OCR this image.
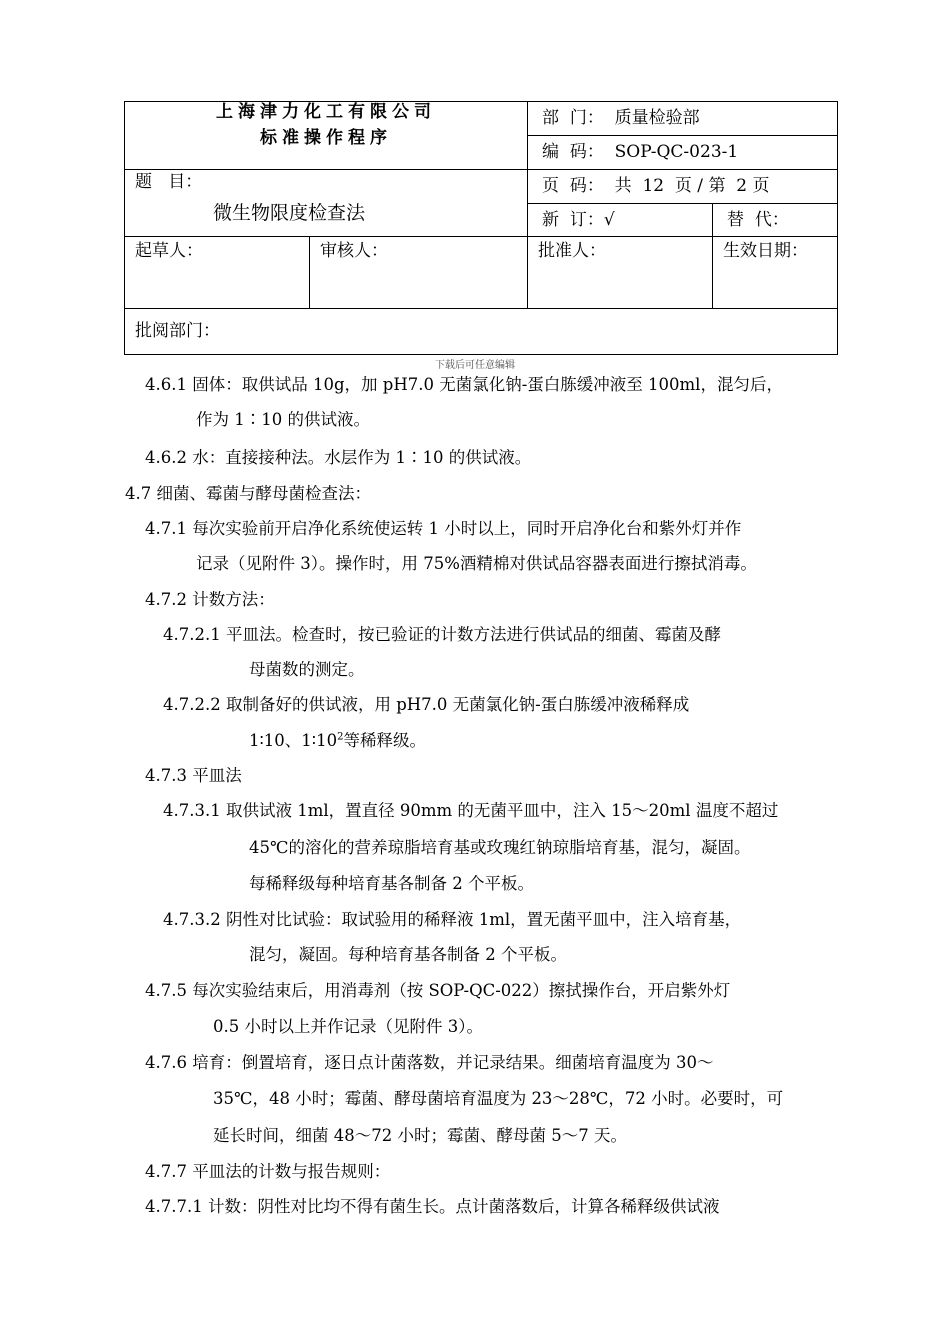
上海津力化工有限公司
标准操作程序		部  门： 质量检验部	
		编  码： SOP-QC-023-1	

题   目：
微生物限度检查法		页  码： 共  12  页 / 第  2 页	
		新  订：√	替  代：
起草人：	审核人：	批准人：	生效日期：
批阅部门：			
下载后可任意编辑
4.6.1 固体：取供试品 10g，加 pH7.0 无菌氯化钠-蛋白胨缓冲液至 100ml，混匀后，
作为 1∶10 的供试液。
4.6.2 水：直接接种法。水层作为 1∶10 的供试液。
4.7 细菌、霉菌与酵母菌检查法：
4.7.1 每次实验前开启净化系统使运转 1 小时以上，同时开启净化台和紫外灯并作
记录（见附件 3）。操作时，用 75%酒精棉对供试品容器表面进行擦拭消毒。
4.7.2 计数方法：
4.7.2.1 平皿法。检查时，按已验证的计数方法进行供试品的细菌、霉菌及酵
母菌数的测定。
4.7.2.2 取制备好的供试液，用 pH7.0 无菌氯化钠-蛋白胨缓冲液稀释成
1∶10、$1∶10^2$等稀释级。
4.7.3 平皿法
4.7.3.1 取供试液 1ml，置直径 90mm 的无菌平皿中，注入 15～20ml 温度不超过
45℃的溶化的营养琼脂培育基或玫瑰红钠琼脂培育基，混匀，凝固。
每稀释级每种培育基各制备 2 个平板。
4.7.3.2 阴性对比试验：取试验用的稀释液 1ml，置无菌平皿中，注入培育基，
混匀，凝固。每种培育基各制备 2 个平板。
4.7.5 每次实验结束后，用消毒剂（按 SOP-QC-022）擦拭操作台，开启紫外灯
0.5 小时以上并作记录（见附件 3）。
4.7.6 培育：倒置培育，逐日点计菌落数，并记录结果。细菌培育温度为 30～
35℃，48 小时；霉菌、酵母菌培育温度为 23～28℃，72 小时。必要时，可
延长时间，细菌 48～72 小时；霉菌、酵母菌 5～7 天。
4.7.7 平皿法的计数与报告规则：
4.7.7.1 计数：阴性对比均不得有菌生长。点计菌落数后，计算各稀释级供试液
